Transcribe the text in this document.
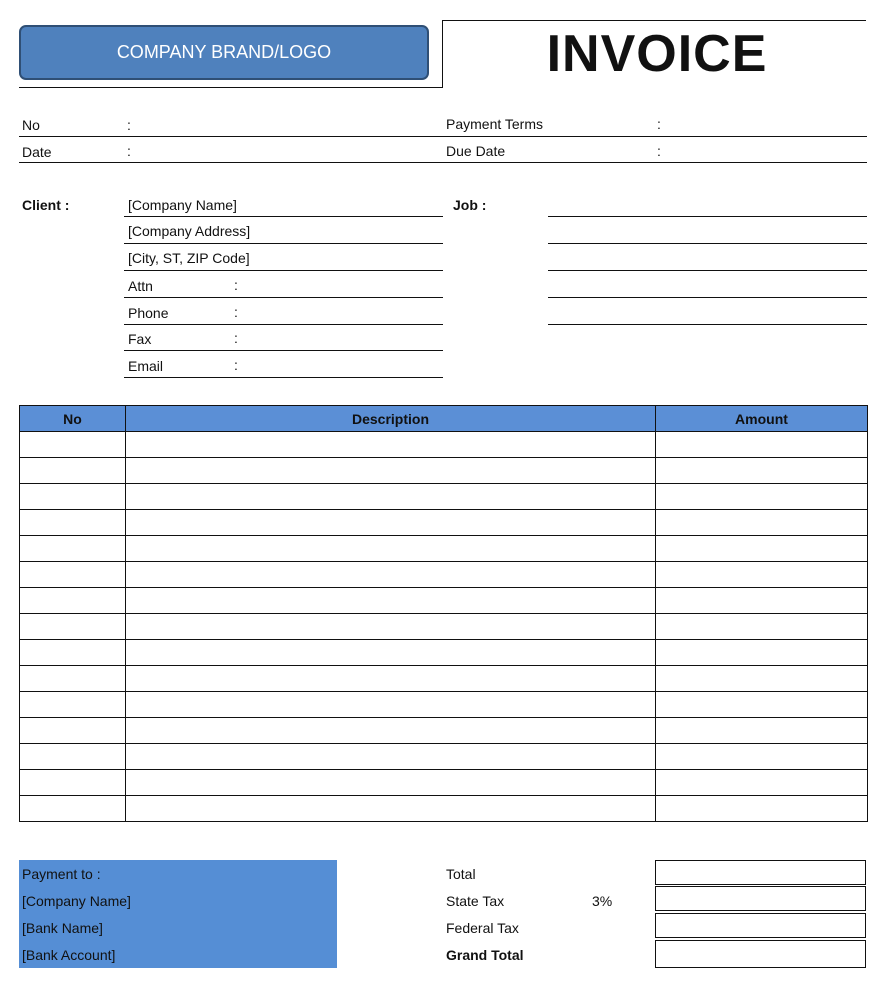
COMPANY BRAND/LOGO	INVOICE
No	:	Payment Terms	:
Date	:	Due Date	:
Client :	[Company Name]
[Company Address]
[City, ST, ZIP Code]
Attn	:
Phone	:
Fax	:
Email	:
Job :
No	Description	Amount

Payment to :
[Company Name]
[Bank Name]
[Bank Account]
Total
State Tax	3%
Federal Tax
Grand Total
